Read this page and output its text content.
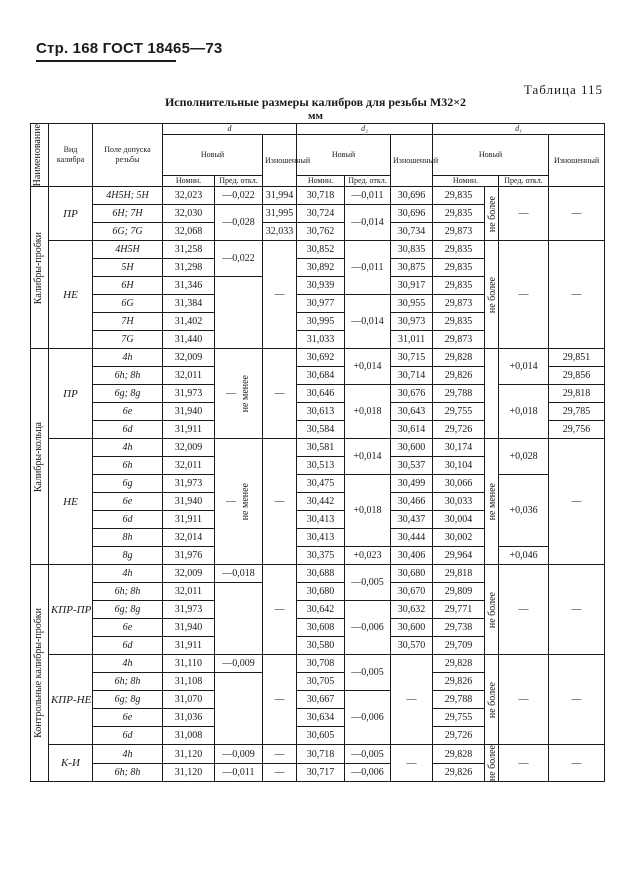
Стр. 168 ГОСТ 18465—73
Таблица 115
Исполнительные размеры калибров для резьбы М32×2
мм
Наименование	Вид калибра	Поле допуска резьбы	d			d₂			d₁			
			Новый		Изношенный	Новый		Изношенный	Новый			Изношенный
			Номин.	Пред. откл.		Номин.	Пред. откл.		Номин.		Пред. откл.	

Калибры-пробки	ПР	4H5H; 5H	32,023	—0,022	31,994	30,718	—0,011	30,696	29,835	не более	—	—
		6H; 7H	32,030	—0,028	31,995	30,724	—0,014	30,696	29,835			
		6G; 7G	32,068		32,033	30,762		30,734	29,873			
	НЕ	4H5H	31,258	—0,022	—	30,852	—0,011	30,835	29,835	не более	—	—
		5H	31,298			30,892		30,875	29,835			
		6H	31,346			30,939		30,917	29,835			
		6G	31,384			30,977	—0,014	30,955	29,873			
		7H	31,402			30,995		30,973	29,835			
		7G	31,440			31,033		31,011	29,873			

Калибры-кольца	ПР	4h	32,009	— не менее	—	30,692	+0,014	30,715	29,828		+0,014	29,851
		6h; 8h	32,011			30,684		30,714	29,826			29,856
		6g; 8g	31,973			30,646	+0,018	30,676	29,788		+0,018	29,818
		6e	31,940			30,613		30,643	29,755			29,785
		6d	31,911			30,584		30,614	29,726			29,756
	НЕ	4h	32,009	— не менее	—	30,581	+0,014	30,600	30,174	не менее	+0,028	—
		6h	32,011			30,513		30,537	30,104			
		6g	31,973			30,475	+0,018	30,499	30,066		+0,036	
		6e	31,940			30,442		30,466	30,033			
		6d	31,911			30,413		30,437	30,004			
		8h	32,014			30,413		30,444	30,002			
		8g	31,976			30,375	+0,023	30,406	29,964		+0,046	

Контрольные калибры-пробки	КПР-ПР	4h	32,009	—0,018	—	30,688	—0,005	30,680	29,818	не более	—	—
		6h; 8h	32,011			30,680		30,670	29,809			
		6g; 8g	31,973			30,642	—0,006	30,632	29,771			
		6e	31,940			30,608		30,600	29,738			
		6d	31,911			30,580		30,570	29,709			
	КПР-НЕ	4h	31,110	—0,009	—	30,708	—0,005	—	29,828	не более	—	—
		6h; 8h	31,108			30,705			29,826			
		6g; 8g	31,070			30,667	—0,006		29,788			
		6e	31,036			30,634			29,755			
		6d	31,008			30,605			29,726			
	К-И	4h	31,120	—0,009	—	30,718	—0,005	—	29,828	не более	—	—
		6h; 8h	31,120	—0,011	—	30,717	—0,006		29,826			
